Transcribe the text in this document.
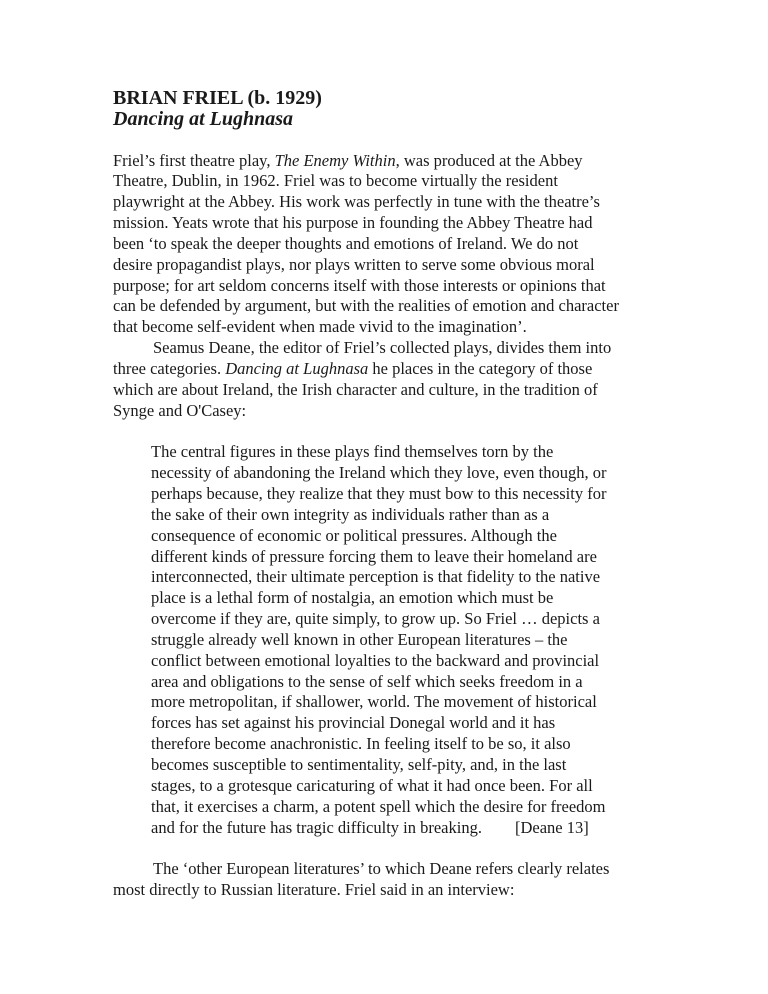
BRIAN FRIEL (b. 1929)
Dancing at Lughnasa
Friel’s first theatre play, The Enemy Within, was produced at the Abbey
Theatre, Dublin, in 1962. Friel was to become virtually the resident
playwright at the Abbey. His work was perfectly in tune with the theatre’s
mission. Yeats wrote that his purpose in founding the Abbey Theatre had
been ‘to speak the deeper thoughts and emotions of Ireland. We do not
desire propagandist plays, nor plays written to serve some obvious moral
purpose; for art seldom concerns itself with those interests or opinions that
can be defended by argument, but with the realities of emotion and character
that become self-evident when made vivid to the imagination’.
Seamus Deane, the editor of Friel’s collected plays, divides them into
three categories. Dancing at Lughnasa he places in the category of those
which are about Ireland, the Irish character and culture, in the tradition of
Synge and O'Casey:
The central figures in these plays find themselves torn by the
necessity of abandoning the Ireland which they love, even though, or
perhaps because, they realize that they must bow to this necessity for
the sake of their own integrity as individuals rather than as a
consequence of economic or political pressures. Although the
different kinds of pressure forcing them to leave their homeland are
interconnected, their ultimate perception is that fidelity to the native
place is a lethal form of nostalgia, an emotion which must be
overcome if they are, quite simply, to grow up. So Friel … depicts a
struggle already well known in other European literatures – the
conflict between emotional loyalties to the backward and provincial
area and obligations to the sense of self which seeks freedom in a
more metropolitan, if shallower, world. The movement of historical
forces has set against his provincial Donegal world and it has
therefore become anachronistic. In feeling itself to be so, it also
becomes susceptible to sentimentality, self-pity, and, in the last
stages, to a grotesque caricaturing of what it had once been. For all
that, it exercises a charm, a potent spell which the desire for freedom
and for the future has tragic difficulty in breaking.        [Deane 13]
The ‘other European literatures’ to which Deane refers clearly relates
most directly to Russian literature. Friel said in an interview:
